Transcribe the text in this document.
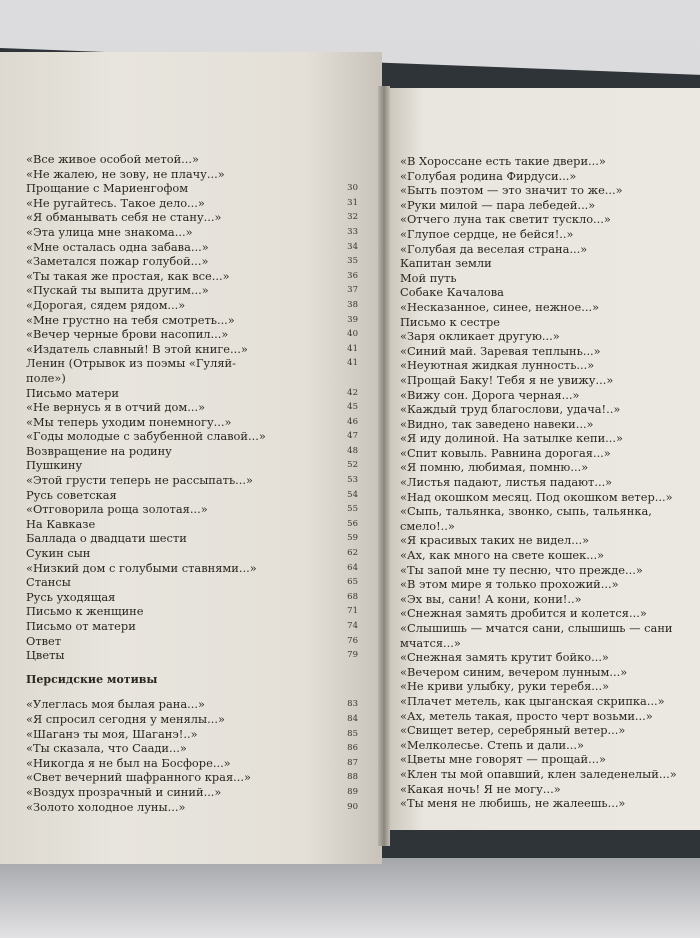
«Все живое особой метой...»
«Не жалею, не зову, не плачу...»
Прощание с Мариенгофом	30
«Не ругайтесь. Такое дело...»	31
«Я обманывать себя не стану...»	32
«Эта улица мне знакома...»	33
«Мне осталась одна забава...»	34
«Заметался пожар голубой...»	35
«Ты такая же простая, как все...»	36
«Пускай ты выпита другим...»	37
«Дорогая, сядем рядом...»	38
«Мне грустно на тебя смотреть...»	39
«Вечер черные брови насопил...»	40
«Издатель славный! В этой книге...»	41
Ленин (Отрывок из поэмы «Гуляй-	41
поле»)
Письмо матери	42
«Не вернусь я в отчий дом...»	45
«Мы теперь уходим понемногу...»	46
«Годы молодые с забубенной славой...»	47
Возвращение на родину	48
Пушкину	52
«Этой грусти теперь не рассыпать...»	53
Русь советская	54
«Отговорила роща золотая...»	55
На Кавказе	56
Баллада о двадцати шести	59
Сукин сын	62
«Низкий дом с голубыми ставнями...»	64
Стансы	65
Русь уходящая	68
Письмо к женщине	71
Письмо от матери	74
Ответ	76
Цветы	79
Персидские мотивы
«Улеглась моя былая рана...»	83
«Я спросил сегодня у менялы...»	84
«Шаганэ ты моя, Шаганэ!..»	85
«Ты сказала, что Саади...»	86
«Никогда я не был на Босфоре...»	87
«Свет вечерний шафранного края...»	88
«Воздух прозрачный и синий...»	89
«Золото холодное луны...»	90
«В Хороссане есть такие двери...»
«Голубая родина Фирдуси...»
«Быть поэтом — это значит то же...»
«Руки милой — пара лебедей...»
«Отчего луна так светит тускло...»
«Глупое сердце, не бейся!..»
«Голубая да веселая страна...»
Капитан земли
Мой путь
Собаке Качалова
«Несказанное, синее, нежное...»
Письмо к сестре
«Заря окликает другую...»
«Синий май. Заревая теплынь...»
«Неуютная жидкая лунность...»
«Прощай Баку! Тебя я не увижу...»
«Вижу сон. Дорога черная...»
«Каждый труд благослови, удача!..»
«Видно, так заведено навеки...»
«Я иду долиной. На затылке кепи...»
«Спит ковыль. Равнина дорогая...»
«Я помню, любимая, помню...»
«Листья падают, листья падают...»
«Над окошком месяц. Под окошком ветер...»
«Сыпь, тальянка, звонко, сыпь, тальянка,
смело!..»
«Я красивых таких не видел...»
«Ах, как много на свете кошек...»
«Ты запой мне ту песню, что прежде...»
«В этом мире я только прохожий...»
«Эх вы, сани! А кони, кони!..»
«Снежная замять дробится и колется...»
«Слышишь — мчатся сани, слышишь — сани
мчатся...»
«Снежная замять крутит бойко...»
«Вечером синим, вечером лунным...»
«Не криви улыбку, руки теребя...»
«Плачет метель, как цыганская скрипка...»
«Ах, метель такая, просто черт возьми...»
«Свищет ветер, серебряный ветер...»
«Мелколесье. Степь и дали...»
«Цветы мне говорят — прощай...»
«Клен ты мой опавший, клен заледенелый...»
«Какая ночь! Я не могу...»
«Ты меня не любишь, не жалеешь...»
